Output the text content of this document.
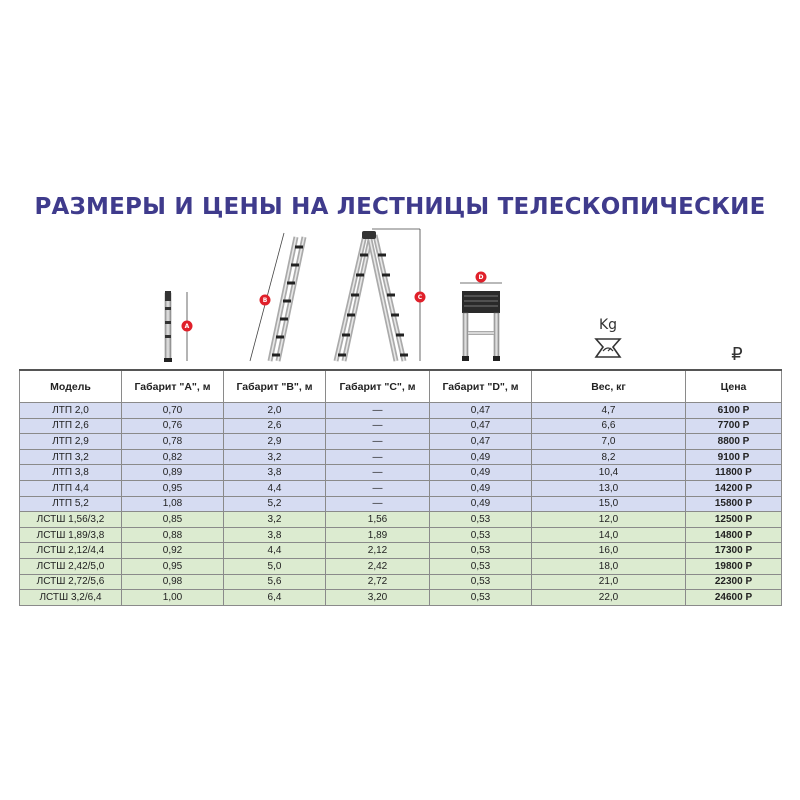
РАЗМЕРЫ И ЦЕНЫ НА ЛЕСТНИЦЫ ТЕЛЕСКОПИЧЕСКИЕ
A
B	C
D
Kg
₽
Модель	Габарит "A", м	Габарит "B", м	Габарит "C", м	Габарит "D", м	Вес, кг	Цена
ЛТП 2,0	0,70	2,0	—	0,47	4,7	6100 Р
ЛТП 2,6	0,76	2,6	—	0,47	6,6	7700 Р
ЛТП 2,9	0,78	2,9	—	0,47	7,0	8800 Р
ЛТП 3,2	0,82	3,2	—	0,49	8,2	9100 Р
ЛТП 3,8	0,89	3,8	—	0,49	10,4	11800 Р
ЛТП 4,4	0,95	4,4	—	0,49	13,0	14200 Р
ЛТП 5,2	1,08	5,2	—	0,49	15,0	15800 Р
ЛСТШ 1,56/3,2	0,85	3,2	1,56	0,53	12,0	12500 Р
ЛСТШ 1,89/3,8	0,88	3,8	1,89	0,53	14,0	14800 Р
ЛСТШ 2,12/4,4	0,92	4,4	2,12	0,53	16,0	17300 Р
ЛСТШ 2,42/5,0	0,95	5,0	2,42	0,53	18,0	19800 Р
ЛСТШ 2,72/5,6	0,98	5,6	2,72	0,53	21,0	22300 Р
ЛСТШ 3,2/6,4	1,00	6,4	3,20	0,53	22,0	24600 Р
